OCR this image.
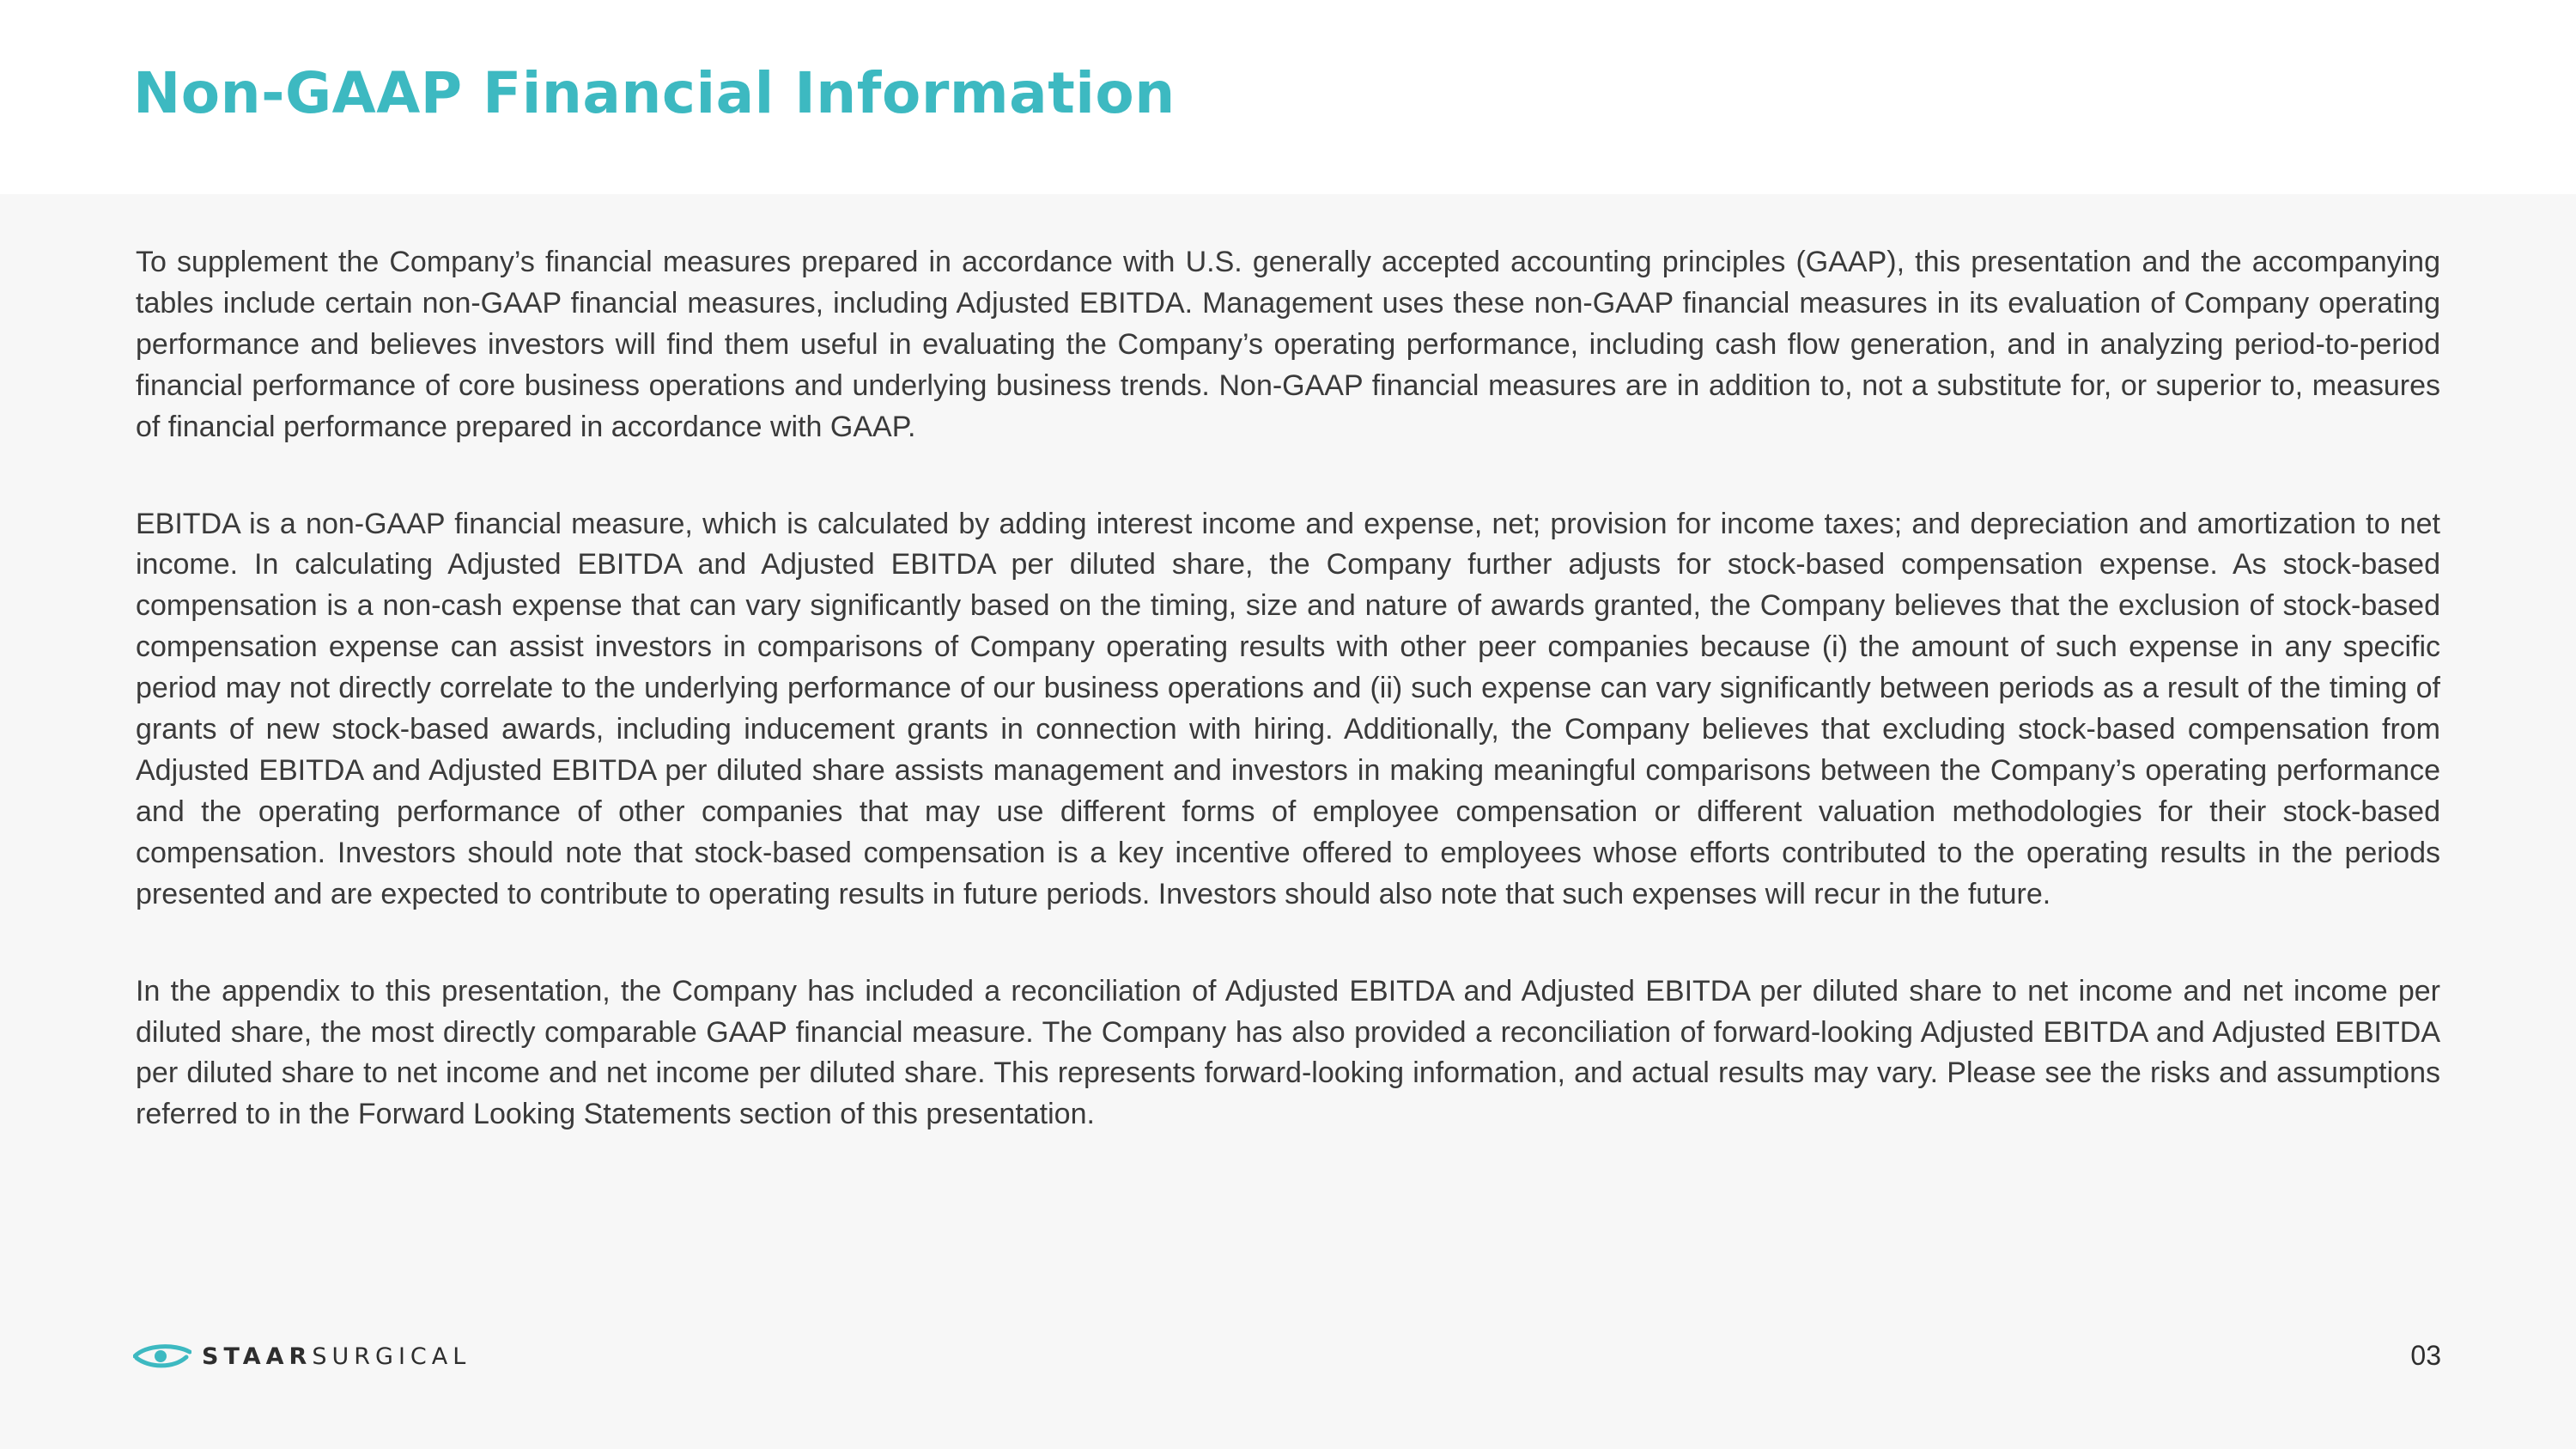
Non-GAAP Financial Information

To supplement the Company’s financial measures prepared in accordance with U.S. generally accepted accounting principles (GAAP), this presentation and the accompanying tables include certain non-GAAP financial measures, including Adjusted EBITDA. Management uses these non-GAAP financial measures in its evaluation of Company operating performance and believes investors will find them useful in evaluating the Company’s operating performance, including cash flow generation, and in analyzing period-to-period financial performance of core business operations and underlying business trends. Non-GAAP financial measures are in addition to, not a substitute for, or superior to, measures of financial performance prepared in accordance with GAAP.

EBITDA is a non-GAAP financial measure, which is calculated by adding interest income and expense, net; provision for income taxes; and depreciation and amortization to net income. In calculating Adjusted EBITDA and Adjusted EBITDA per diluted share, the Company further adjusts for stock-based compensation expense. As stock-based compensation is a non-cash expense that can vary significantly based on the timing, size and nature of awards granted, the Company believes that the exclusion of stock-based compensation expense can assist investors in comparisons of Company operating results with other peer companies because (i) the amount of such expense in any specific period may not directly correlate to the underlying performance of our business operations and (ii) such expense can vary significantly between periods as a result of the timing of grants of new stock-based awards, including inducement grants in connection with hiring. Additionally, the Company believes that excluding stock-based compensation from Adjusted EBITDA and Adjusted EBITDA per diluted share assists management and investors in making meaningful comparisons between the Company’s operating performance and the operating performance of other companies that may use different forms of employee compensation or different valuation methodologies for their stock-based compensation. Investors should note that stock-based compensation is a key incentive offered to employees whose efforts contributed to the operating results in the periods presented and are expected to contribute to operating results in future periods. Investors should also note that such expenses will recur in the future.

In the appendix to this presentation, the Company has included a reconciliation of Adjusted EBITDA and Adjusted EBITDA per diluted share to net income and net income per diluted share, the most directly comparable GAAP financial measure. The Company has also provided a reconciliation of forward-looking Adjusted EBITDA and Adjusted EBITDA per diluted share to net income and net income per diluted share. This represents forward-looking information, and actual results may vary. Please see the risks and assumptions referred to in the Forward Looking Statements section of this presentation.

STAARSURGICAL	03
